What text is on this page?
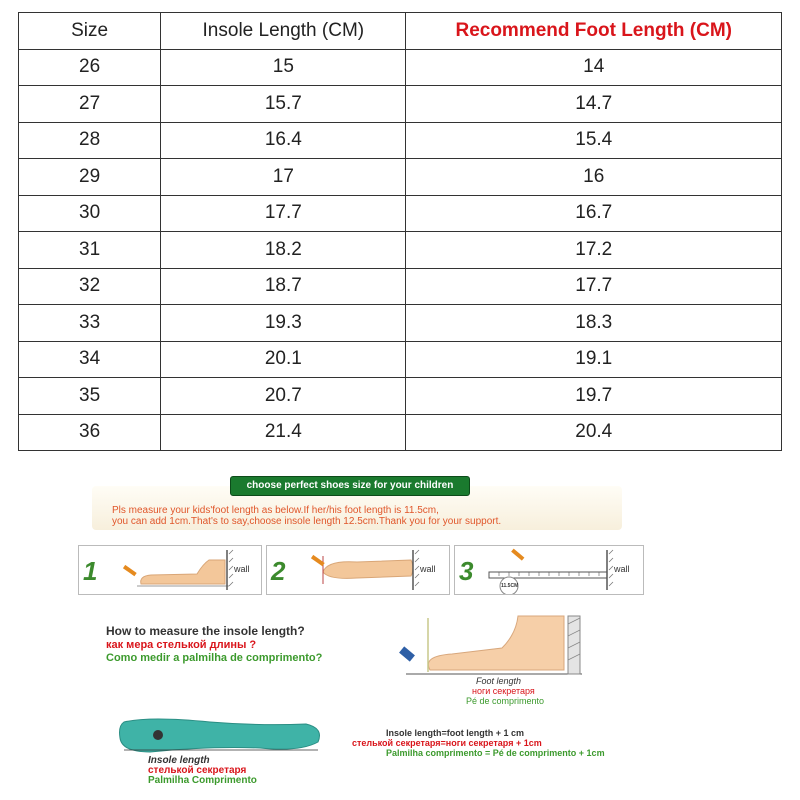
Size	Insole Length (CM)	Recommend Foot Length (CM)
26	15	14
27	15.7	14.7
28	16.4	15.4
29	17	16
30	17.7	16.7
31	18.2	17.2
32	18.7	17.7
33	19.3	18.3
34	20.1	19.1
35	20.7	19.7
36	21.4	20.4

Pls measure your kids'foot length as below.If her/his foot length is 11.5cm,

you can add 1cm.That's to say,choose insole length 12.5cm.Thank you for your support.

choose perfect shoes size for your children
1	wall 2	wall 3	11.5CM
wall
How to measure the insole length?
как мера стелькой длины ?
Como medir a palmilha de comprimento?
Foot length
ноги секретаря
Pé de comprimento
Insole length
стелькой секретаря
Palmilha Comprimento
Insole length=foot length + 1 cm
стелькой секретаря=ноги секретаря + 1cm
Palmilha comprimento = Pé de comprimento + 1cm
